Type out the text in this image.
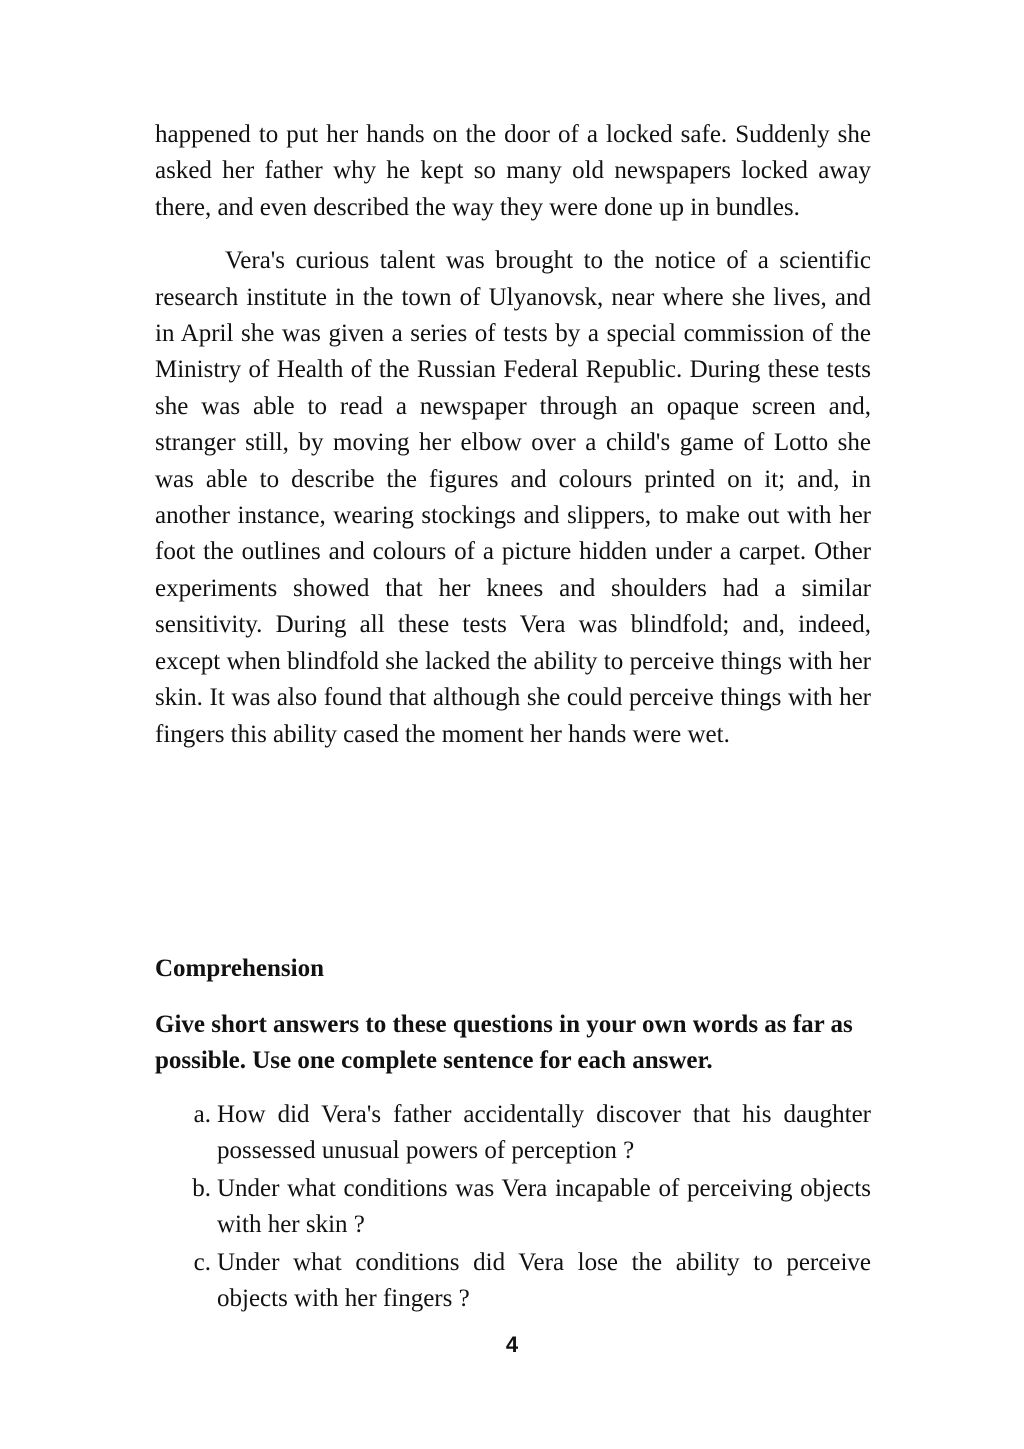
happened to put her hands on the door of a locked safe. Suddenly she asked her father why he kept so many old newspapers locked away there, and even described the way they were done up in bundles.

Vera's curious talent was brought to the notice of a scientific research institute in the town of Ulyanovsk, near where she lives, and in April she was given a series of tests by a special commission of the Ministry of Health of the Russian Federal Republic. During these tests she was able to read a newspaper through an opaque screen and, stranger still, by moving her elbow over a child's game of Lotto she was able to describe the figures and colours printed on it; and, in another instance, wearing stockings and slippers, to make out with her foot the outlines and colours of a picture hidden under a carpet. Other experiments showed that her knees and shoulders had a similar sensitivity. During all these tests Vera was blindfold; and, indeed, except when blindfold she lacked the ability to perceive things with her skin. It was also found that although she could perceive things with her fingers this ability cased the moment her hands were wet.

Comprehension

Give short answers to these questions in your own words as far as possible. Use one complete sentence for each answer.

a. How did Vera's father accidentally discover that his daughter possessed unusual powers of perception ?
b. Under what conditions was Vera incapable of perceiving objects with her skin ?
c. Under what conditions did Vera lose the ability to perceive objects with her fingers ?
4
